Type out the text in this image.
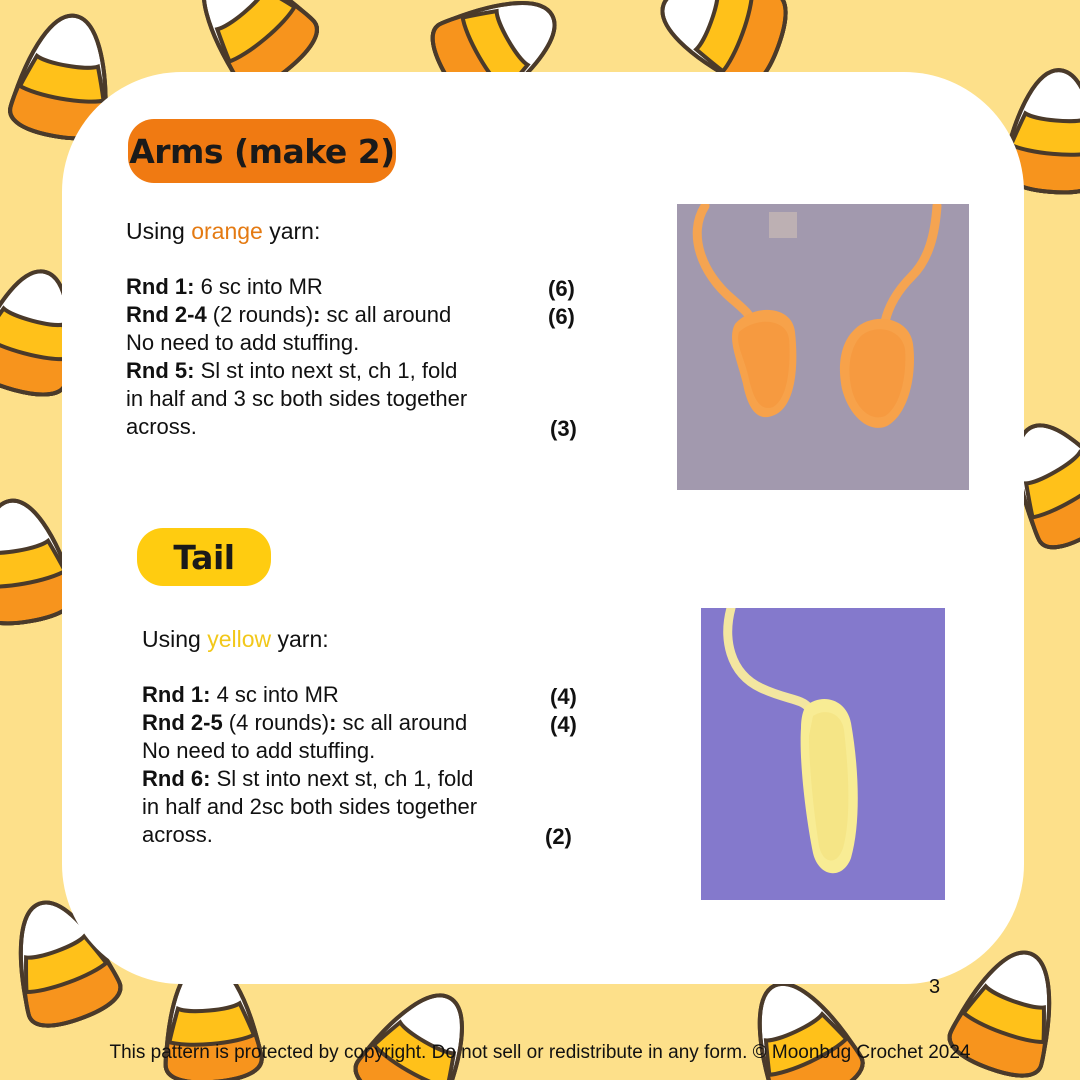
Arms (make 2)
Using orange yarn:
Rnd 1: 6 sc into MR	(6)
Rnd 2-4 (2 rounds): sc all around	(6)
No need to add stuffing.
Rnd 5: Sl st into next st, ch 1, fold
in half and 3 sc both sides together
across.	(3)
Tail
Using yellow yarn:
Rnd 1: 4 sc into MR	(4)
Rnd 2-5 (4 rounds): sc all around	(4)
No need to add stuffing.
Rnd 6: Sl st into next st, ch 1, fold
in half and 2sc both sides together
across.	(2)
3
This pattern is protected by copyright. Do not sell or redistribute in any form. © Moonbug Crochet 2024
